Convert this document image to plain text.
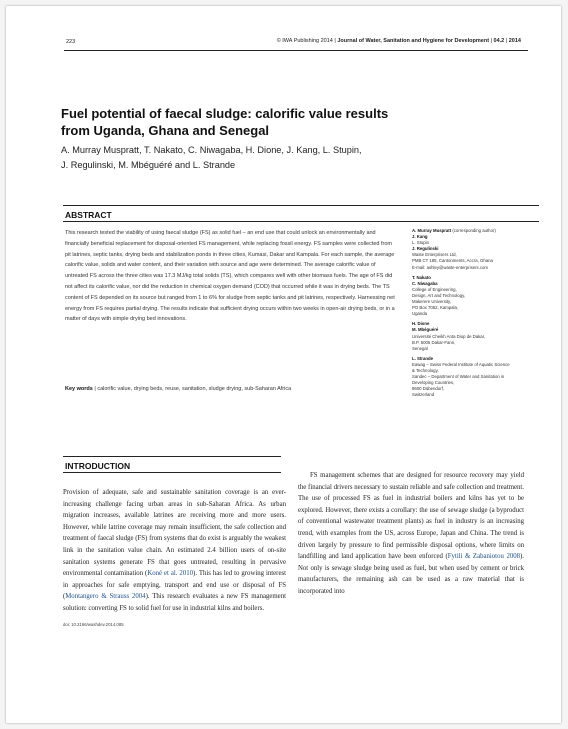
223	© IWA Publishing 2014 | Journal of Water, Sanitation and Hygiene for Development | 04.2 | 2014
Fuel potential of faecal sludge: calorific value results
from Uganda, Ghana and Senegal
A. Murray Muspratt, T. Nakato, C. Niwagaba, H. Dione, J. Kang, L. Stupin,
J. Regulinski, M. Mbéguéré and L. Strande
ABSTRACT
This research tested the viability of using faecal sludge (FS) as solid fuel – an end use that could unlock an environmentally and financially beneficial replacement for disposal-oriented FS management, while replacing fossil energy. FS samples were collected from pit latrines, septic tanks, drying beds and stabilization ponds in three cities, Kumasi, Dakar and Kampala. For each sample, the average calorific value, solids and water content, and their variation with source and age were determined. The average calorific value of untreated FS across the three cities was 17.3 MJ/kg total solids (TS), which compares well with other biomass fuels. The age of FS did not affect its calorific value, nor did the reduction in chemical oxygen demand (COD) that occurred while it was in drying beds. The TS content of FS depended on its source but ranged from 1 to 6% for sludge from septic tanks and pit latrines, respectively. Harnessing net energy from FS requires partial drying. The results indicate that sufficient drying occurs within two weeks in open-air drying beds, or in a matter of days with simple drying bed innovations.
Key words | calorific value, drying beds, reuse, sanitation, sludge drying, sub-Saharan Africa
A. Murray Muspratt (corresponding author)
J. Kang
L. Stupin
J. Regulinski
Waste Enterprisers Ltd,
PMB CT 185, Cantonments, Accra, Ghana
E-mail: ashley@waste-enterprisers.com
T. Nakato
C. Niwagaba
College of Engineering,
Design, Art and Technology,
Makerere University,
PO Box 7062, Kampala,
Uganda
H. Dione
M. Mbéguéré
Université Cheikh Anta Diop de Dakar,
B.P. 5005 Dakar-Fann,
Senegal
L. Strande
Eawag – Swiss Federal Institute of Aquatic Science
& Technology,
Sandec – Department of Water and Sanitation in
Developing Countries,
8600 Dübendorf,
Switzerland
INTRODUCTION
Provision of adequate, safe and sustainable sanitation coverage is an ever-increasing challenge facing urban areas in sub-Saharan Africa. As urban migration increases, available latrines are receiving more and more users. However, while latrine coverage may remain insufficient, the safe collection and treatment of faecal sludge (FS) from systems that do exist is arguably the weakest link in the sanitation value chain. An estimated 2.4 billion users of on-site sanitation systems generate FS that goes untreated, resulting in pervasive environmental contamination (Koné et al. 2010). This has led to growing interest in approaches for safe emptying, transport and end use or disposal of FS (Montangero & Strauss 2004). This research evaluates a new FS management solution: converting FS to solid fuel for use in industrial kilns and boilers.
FS management schemes that are designed for resource recovery may yield the financial drivers necessary to sustain reliable and safe collection and treatment. The use of processed FS as fuel in industrial boilers and kilns has yet to be explored. However, there exists a corollary: the use of sewage sludge (a byproduct of conventional wastewater treatment plants) as fuel in industry is an increasing trend, with examples from the US, across Europe, Japan and China. The trend is driven largely by pressure to find permissible disposal options, where limits on landfilling and land application have been enforced (Fytili & Zabaniotou 2008). Not only is sewage sludge being used as fuel, but when used by cement or brick manufacturers, the remaining ash can be used as a raw material that is incorporated into
doi: 10.2166/washdev.2014.085
